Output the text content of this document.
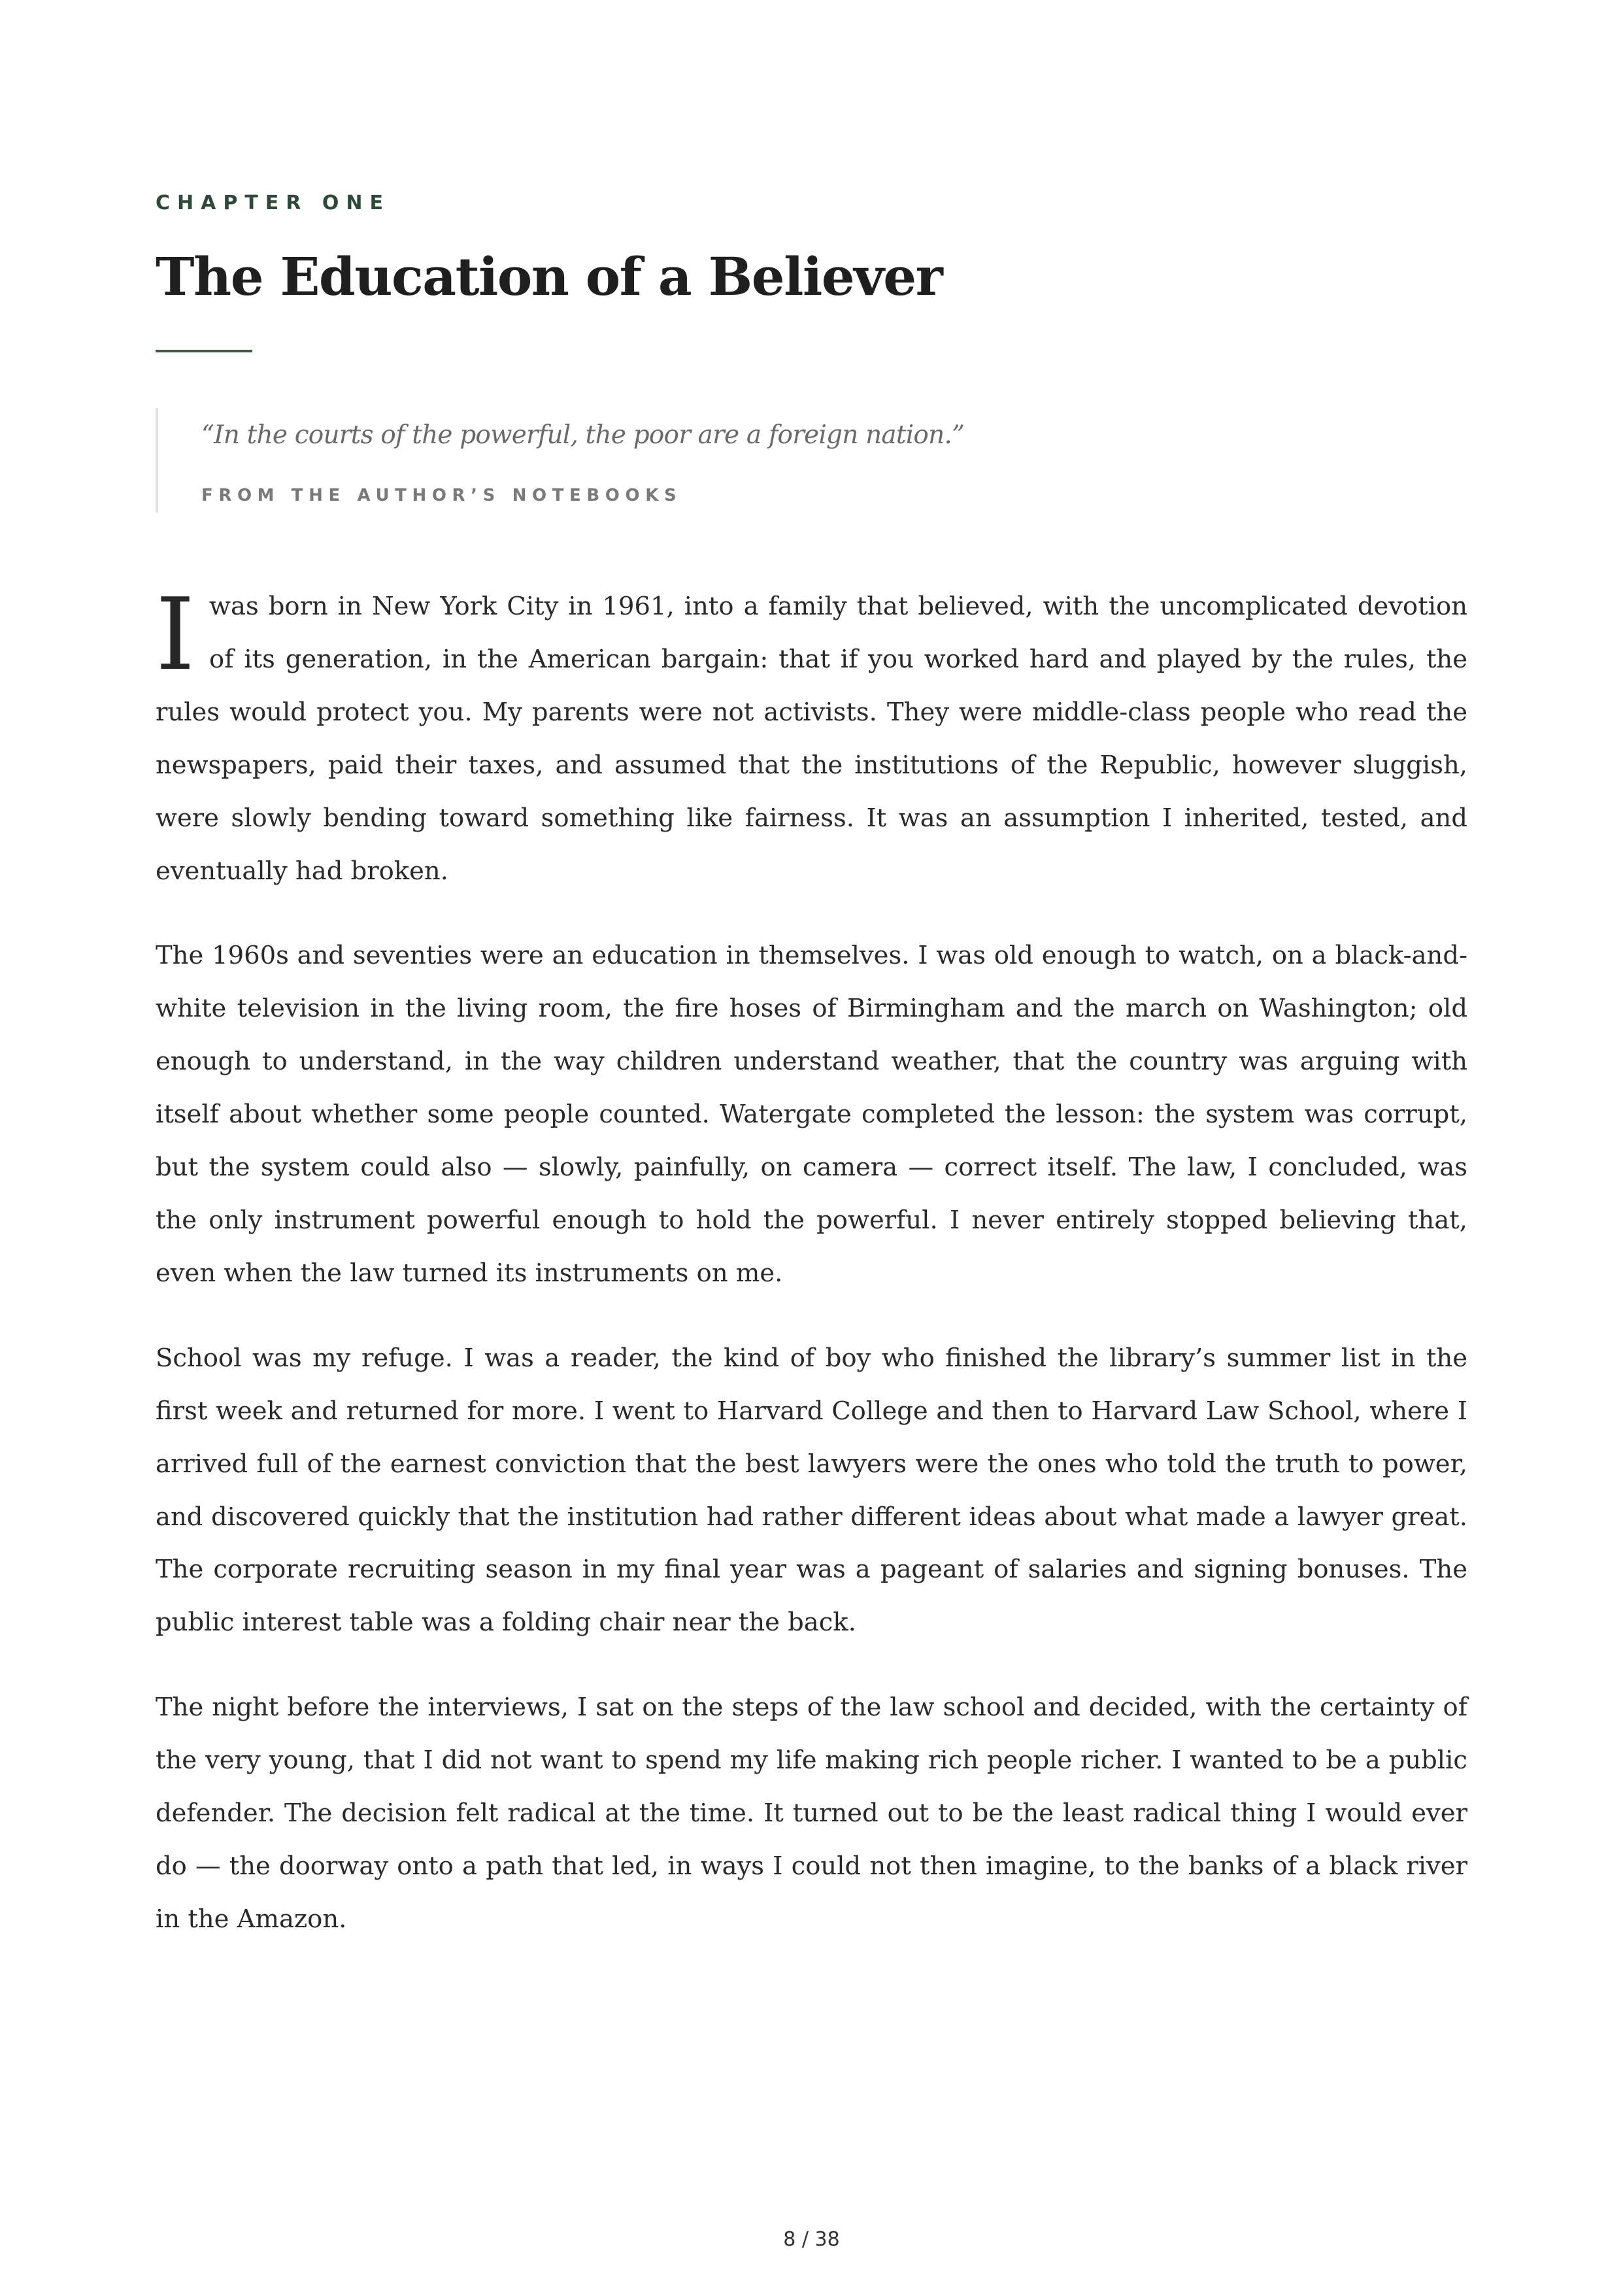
CHAPTER ONE
The Education of a Believer
“In the courts of the powerful, the poor are a foreign nation.”
FROM THE AUTHOR’S NOTEBOOKS

I was born in New York City in 1961, into a family that believed, with the uncomplicated devotion of its generation, in the American bargain: that if you worked hard and played by the rules, the rules would protect you. My parents were not activists. They were middle-class people who read the newspapers, paid their taxes, and assumed that the institutions of the Republic, however sluggish, were slowly bending toward something like fairness. It was an assumption I inherited, tested, and eventually had broken.

The 1960s and seventies were an education in themselves. I was old enough to watch, on a black-and-white television in the living room, the fire hoses of Birmingham and the march on Washington; old enough to understand, in the way children understand weather, that the country was arguing with itself about whether some people counted. Watergate completed the lesson: the system was corrupt, but the system could also — slowly, painfully, on camera — correct itself. The law, I concluded, was the only instrument powerful enough to hold the powerful. I never entirely stopped believing that, even when the law turned its instruments on me.

School was my refuge. I was a reader, the kind of boy who finished the library’s summer list in the first week and returned for more. I went to Harvard College and then to Harvard Law School, where I arrived full of the earnest conviction that the best lawyers were the ones who told the truth to power, and discovered quickly that the institution had rather different ideas about what made a lawyer great. The corporate recruiting season in my final year was a pageant of salaries and signing bonuses. The public interest table was a folding chair near the back.

The night before the interviews, I sat on the steps of the law school and decided, with the certainty of the very young, that I did not want to spend my life making rich people richer. I wanted to be a public defender. The decision felt radical at the time. It turned out to be the least radical thing I would ever do — the doorway onto a path that led, in ways I could not then imagine, to the banks of a black river in the Amazon.

8 / 38
